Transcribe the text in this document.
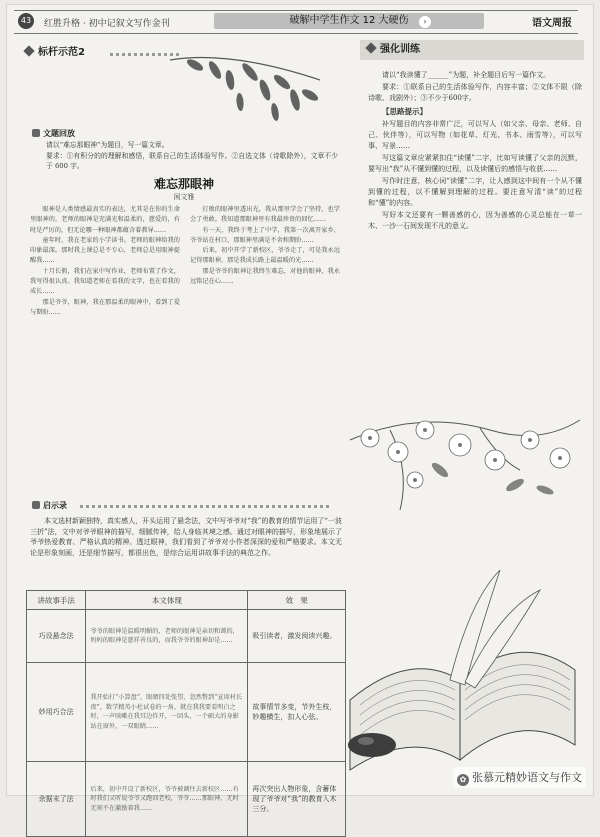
43	红胜升格 · 初中记叙文写作金刊	›
破解中学生作文 12 大硬伤	语文周报
标杆示范2
文题回放
请以“难忘那眼神”为题目，写一篇文章。
要求：①有积分的的理解和感悟，联系自己的生活体验写作。②自选文体（诗歌除外），文章不少于 600 字。
难忘那眼神
闲文雅

眼神是人类情感最真实的表达，尤其是在你的生命里眼神的，老师的眼神是充满光和温柔的，慈爱的，有时是严厉的，但无论哪一种眼神都蕴含着教导……

童年时，我在老家的小学读书。老师的眼神给我的印象最深。那时我上课总是不专心，老师总是用眼神提醒我……

十月长假，我们在家中写作业，老师布置了作文，我写得很认真。我知道老师在看我的文字，也在看我的成长……

那是爷爷，眼神，我在那温柔的眼神中，看到了爱与期盼……

打败的眼神里透出光，我从那里学会了坚持，也学会了勇敢。我知道那眼神里有我最珍贵的回忆……

有一天，我终于考上了中学，我第一次离开家乡，爷爷站在村口，那眼神里满是不舍和期盼……

后来，初中开学了新校区，爷爷走了，可是我永远记得那眼神，那是我成长路上最温暖的光……

那是爷爷的眼神让我终生难忘，对他的眼神，我永远铭记在心……

启示录

本文选材新颖独特，真实感人，开头运用了悬念法，文中写爷爷对“我”的教育的情节运用了“一波三折”法，文中对爷爷眼神的描写，细腻传神，给人身临其境之感。通过对眼神的描写，形象地展示了爷爷热爱教育、严格认真的精神。透过眼神，我们看到了爷爷对小作者深深的爱和严格要求。本文无论是形象刻画，还是细节描写，都很出色，是综合运用讲故事手法的典范之作。

讲故事手法	本文体现	效　果
巧设悬念法	爷爷的眼神是温暖明媚的，老师的眼神是亲切和蔼的，妈妈的眼神是慈祥善良的，而我爷爷的眼神却是……	吸引读者，激发阅读兴趣。
妙用巧合法	我开始打“小算盘”，眼睛四处张望，忽然瞥到“宣席村长夜”，数学精英小杜试卷的一角，就在我我要看明白之时，一声咳嗽在我耳边炸开，一回头，一个硕大的身影站在窗外，一双眼睛……	故事情节多变，节外生枝，妙趣横生，扣人心弦。
余据末了法	后来，初中开设了新校区，爷爷被调往去新校区……有时我们又听说爷爷又跑回老校，爷爷……那眼神，无时无刻不在激励着我……	再次突出人物形象，含蓄体现了爷爷对“我”的教育入木三分。
强化训练

请以“我读懂了______”为题，补全题目后写一篇作文。

要求：①联系自己的生活体验写作，内容丰富；②文体不限（除诗歌、戏剧外）；③不少于600字。

【思路提示】

补写题目的内容非常广泛，可以写人（如父亲、母亲、老师、自己、伙伴等），可以写物（如花草、灯光、书本、雨雪等），可以写事、写景……

写这篇文章应紧紧扣住“读懂”二字，比如写读懂了父亲的沉默，要写出“我”从不懂到懂的过程，以及读懂后的感悟与收获……

写作时注意，核心词“读懂”二字，让人感到这中间有一个从不懂到懂的过程，以不懂解到理解的过程。要注意写清“读”的过程和“懂”的内容。

写好本文还要有一颗善感的心，因为善感的心灵总能在一草一木、一沙一石间发现不凡的意义。

✿ 张慕元精妙语文与作文
